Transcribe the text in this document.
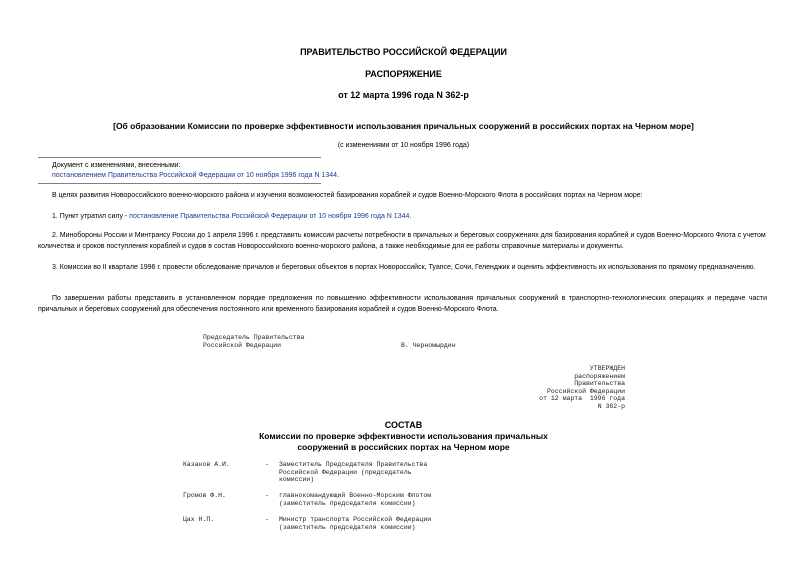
ПРАВИТЕЛЬСТВО РОССИЙСКОЙ ФЕДЕРАЦИИ
РАСПОРЯЖЕНИЕ
от 12 марта 1996 года N 362-р
[Об образовании Комиссии по проверке эффективности использования причальных сооружений в российских портах на Черном море]
(с изменениями от 10 ноября 1996 года)
Документ с изменениями, внесенными:
постановлением Правительства Российской Федерации от 10 ноября 1996 года N 1344.
В целях развития Новороссийского военно-морского района и изучения возможностей базирования кораблей и судов Военно-Морского Флота в российских портах на Черном море:
1. Пункт утратил силу - постановление Правительства Российской Федерации от 10 ноября 1996 года N 1344.
2. Минобороны России и Минтрансу России до 1 апреля 1996 г. представить комиссии расчеты потребности в причальных и береговых сооружениях для базирования кораблей и судов Военно-Морского Флота с учетом количества и сроков поступления кораблей и судов в состав Новороссийского военно-морского района, а также необходимые для ее работы справочные материалы и документы.
3. Комиссии во II квартале 1996 г. провести обследование причалов и береговых объектов в портах Новороссийск, Туапсе, Сочи, Геленджик и оценить эффективность их использования по прямому предназначению.
По завершении работы представить в установленном порядке предложения по повышению эффективности использования причальных сооружений в транспортно-технологических операциях и передаче части причальных и береговых сооружений для обеспечения постоянного или временного базирования кораблей и судов Военно-Морского Флота.
Председатель Правительства
Российской Федерации	В. Черномырдин
УТВЕРЖДЕН
распоряжением
Правительства
Российской Федерации
от 12 марта  1996 года
N 362-р
СОСТАВ
Комиссии по проверке эффективности использования причальных
сооружений в российских портах на Черном море
Казаков А.И.	- Заместитель Председателя Правительства
Российской Федерации (председатель
комиссии)
Громов Ф.Н.	- главнокомандующий Военно-Морским Флотом
(заместитель председателя комиссии)
Цах Н.П.	- Министр транспорта Российской Федерации
(заместитель председателя комиссии)
